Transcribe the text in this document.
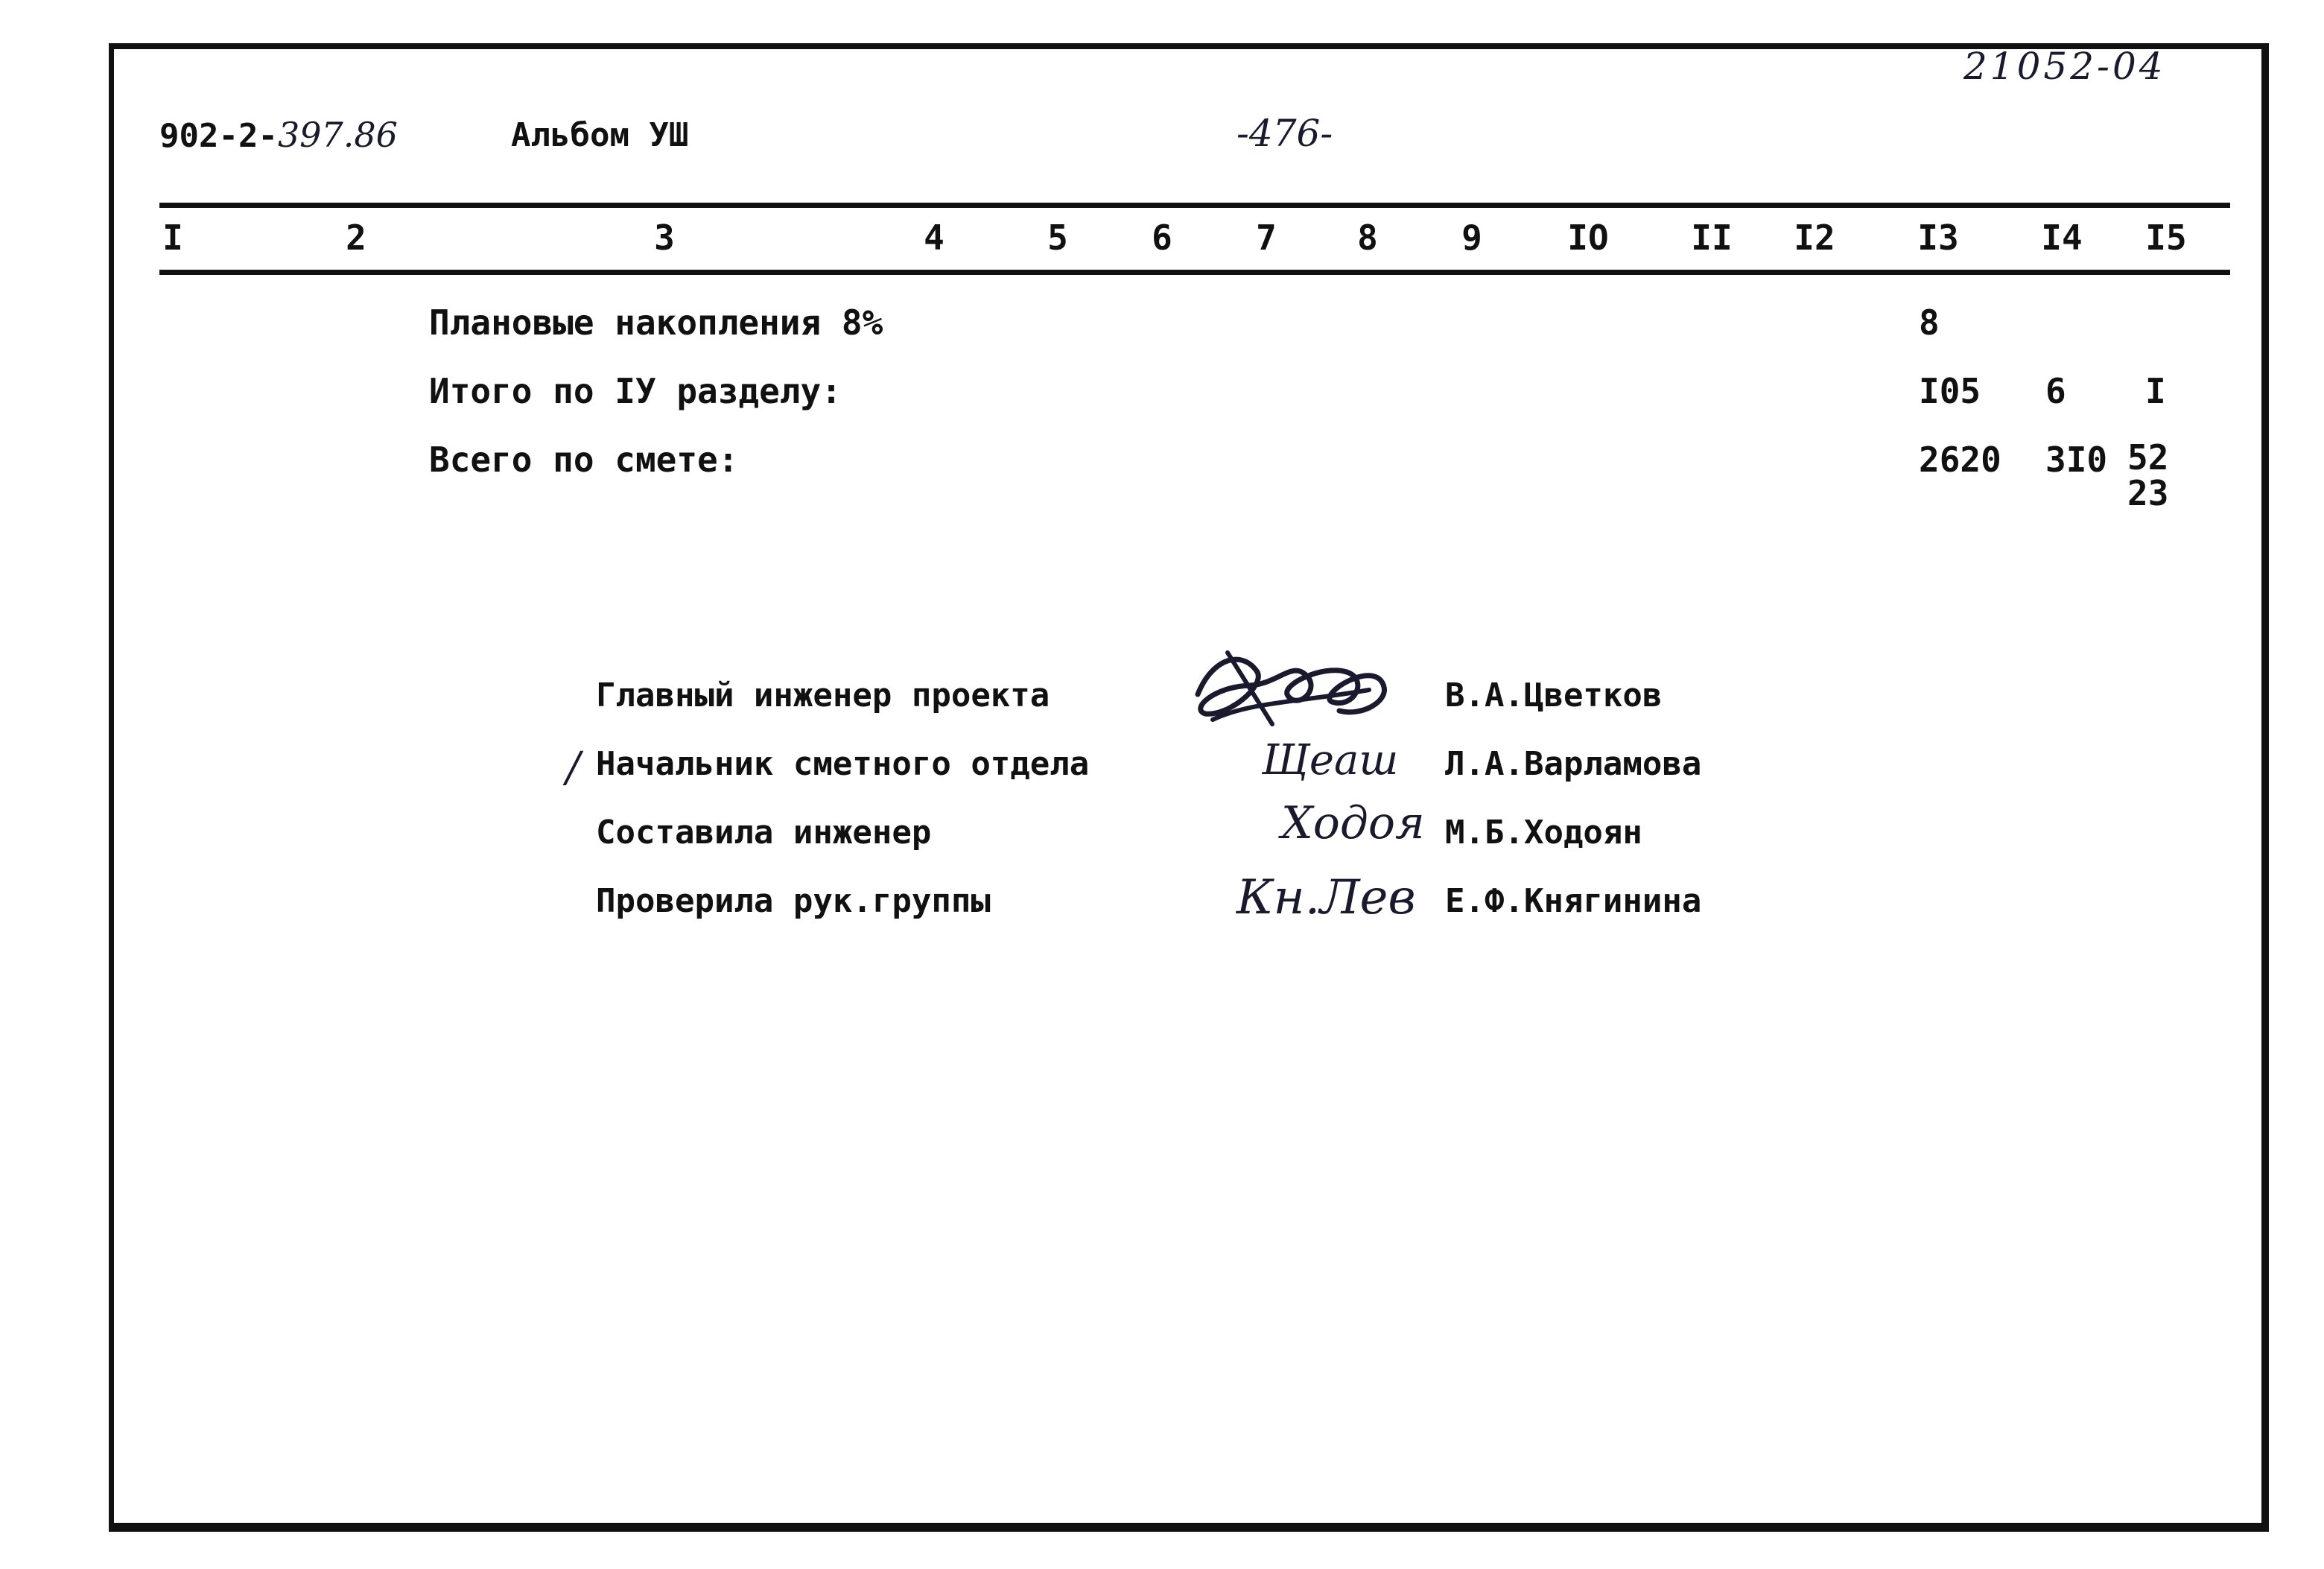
21052-04
902-2-397.86	Альбом УШ	-476-
I	2	3	4	5 6 7 8 9 IO II I2 I3 I4 I5
Плановые накопления 8%	8
Итого по IУ разделу:	I05 6 I
Всего по смете:	2620 3I0 52
23
Главный инженер проекта
Начальник сметного отдела
Составила инженер
Проверила рук.группы
/	Щеаш
Ходоя
Кн.Лев
В.А.Цветков
Л.А.Варламова
М.Б.Ходоян
Е.Ф.Княгинина
